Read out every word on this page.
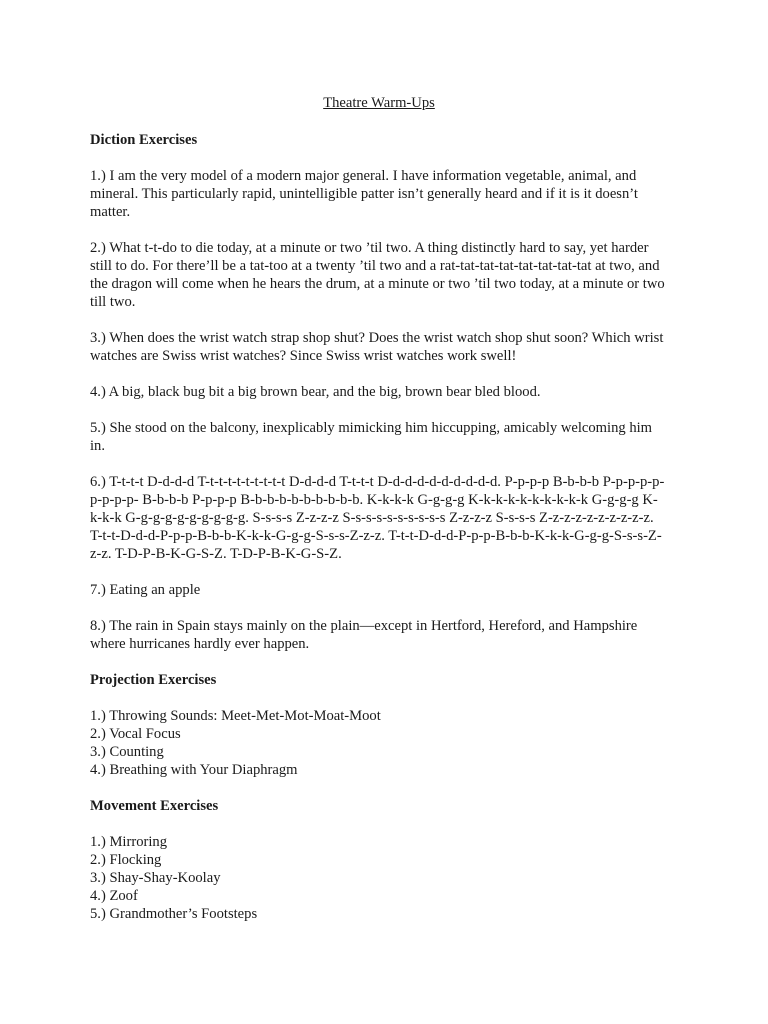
Theatre Warm-Ups
Diction Exercises

1.) I am the very model of a modern major general. I have information vegetable, animal, and mineral. This particularly rapid, unintelligible patter isn’t generally heard and if it is it doesn’t matter.

2.) What t-t-do to die today, at a minute or two ’til two. A thing distinctly hard to say, yet harder still to do. For there’ll be a tat-too at a twenty ’til two and a rat-tat-tat-tat-tat-tat-tat-tat at two, and the dragon will come when he hears the drum, at a minute or two ’til two today, at a minute or two till two.

3.) When does the wrist watch strap shop shut? Does the wrist watch shop shut soon? Which wrist watches are Swiss wrist watches? Since Swiss wrist watches work swell!

4.) A big, black bug bit a big brown bear, and the big, brown bear bled blood.

5.) She stood on the balcony, inexplicably mimicking him hiccupping, amicably welcoming him in.

6.) T-t-t-t D-d-d-d T-t-t-t-t-t-t-t-t-t D-d-d-d T-t-t-t D-d-d-d-d-d-d-d-d-d. P-p-p-p B-b-b-b P-p-p-p-p-p-p-p-p- B-b-b-b P-p-p-p B-b-b-b-b-b-b-b-b-b. K-k-k-k G-g-g-g K-k-k-k-k-k-k-k-k-k G-g-g-g K-k-k-k G-g-g-g-g-g-g-g-g-g. S-s-s-s Z-z-z-z S-s-s-s-s-s-s-s-s-s Z-z-z-z S-s-s-s Z-z-z-z-z-z-z-z-z-z. T-t-t-D-d-d-P-p-p-B-b-b-K-k-k-G-g-g-S-s-s-Z-z-z. T-t-t-D-d-d-P-p-p-B-b-b-K-k-k-G-g-g-S-s-s-Z-z-z. T-D-P-B-K-G-S-Z. T-D-P-B-K-G-S-Z.

7.) Eating an apple

8.) The rain in Spain stays mainly on the plain—except in Hertford, Hereford, and Hampshire where hurricanes hardly ever happen.

Projection Exercises
1.) Throwing Sounds: Meet-Met-Mot-Moat-Moot
2.) Vocal Focus
3.) Counting
4.) Breathing with Your Diaphragm
Movement Exercises
1.) Mirroring
2.) Flocking
3.) Shay-Shay-Koolay
4.) Zoof
5.) Grandmother’s Footsteps
